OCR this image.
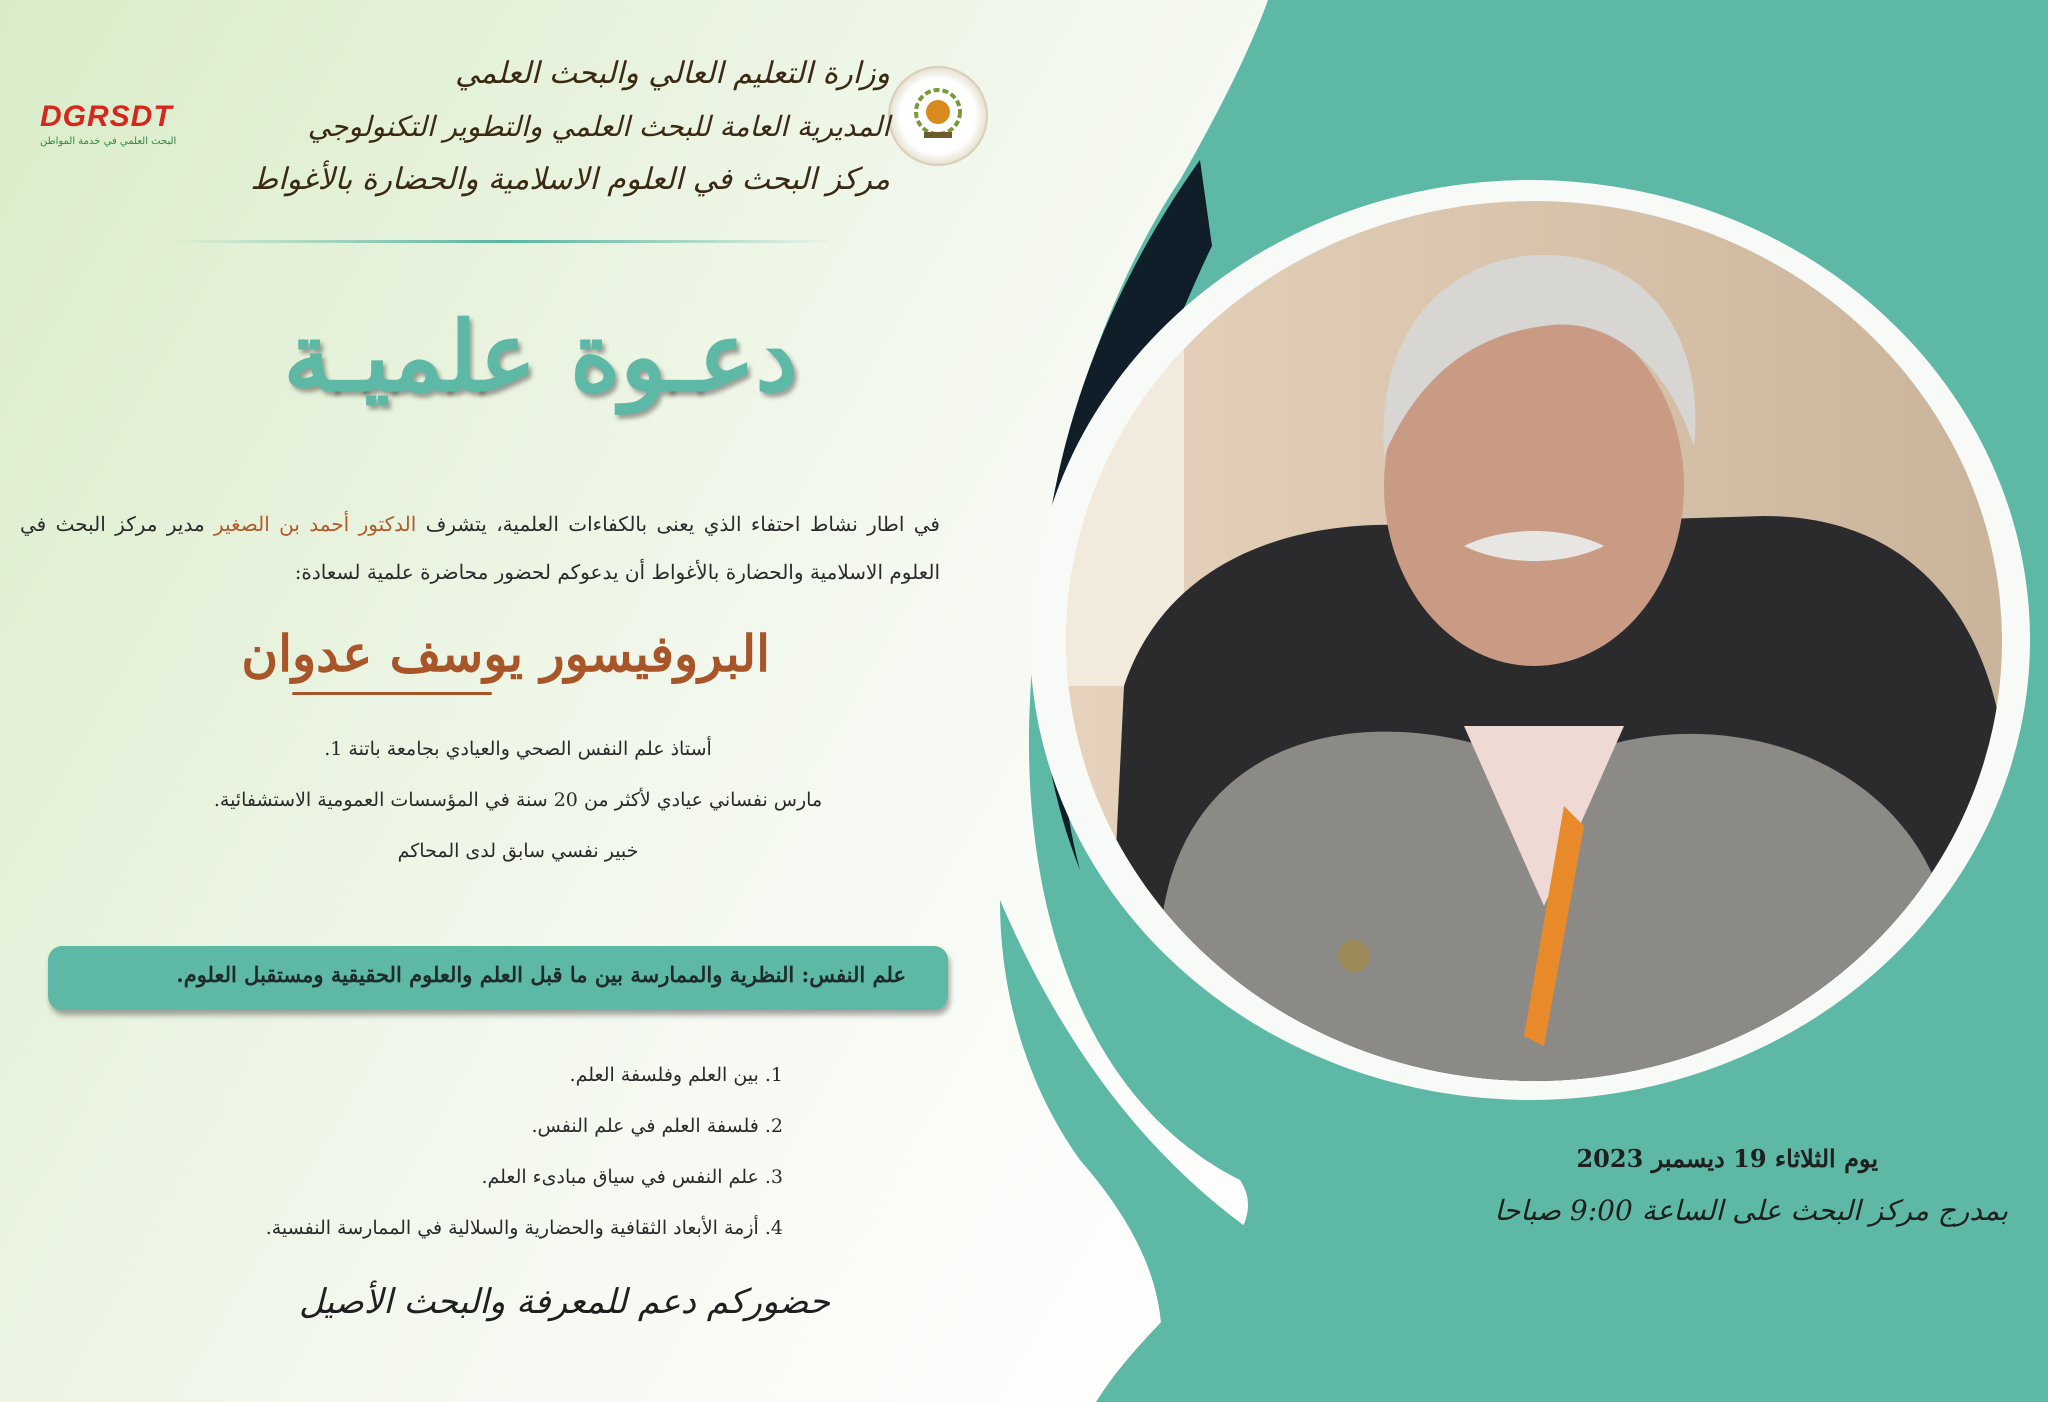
DGRSDT
البحث العلمي في خدمة المواطن
وزارة التعليم العالي والبحث العلمي
المديرية العامة للبحث العلمي والتطوير التكنولوجي
مركز البحث في العلوم الاسلامية والحضارة بالأغواط
دعـوة علميـة
في اطار نشاط احتفاء الذي يعنى بالكفاءات العلمية، يتشرف الدكتور أحمد بن الصغير مدير مركز البحث في العلوم الاسلامية والحضارة بالأغواط أن يدعوكم لحضور محاضرة علمية لسعادة:
البروفيسور يوسف عدوان
أستاذ علم النفس الصحي والعيادي بجامعة باتنة 1.
مارس نفساني عيادي لأكثر من 20 سنة في المؤسسات العمومية الاستشفائية.
خبير نفسي سابق لدى المحاكم
علم النفس: النظرية والممارسة بين ما قبل العلم والعلوم الحقيقية ومستقبل العلوم.
1. بين العلم وفلسفة العلم.
2. فلسفة العلم في علم النفس.
3. علم النفس في سياق مبادىء العلم.
4. أزمة الأبعاد الثقافية والحضارية والسلالية في الممارسة النفسية.
حضوركم دعم للمعرفة والبحث الأصيل
يوم الثلاثاء 19 ديسمبر 2023
بمدرج مركز البحث على الساعة 9:00 صباحا
